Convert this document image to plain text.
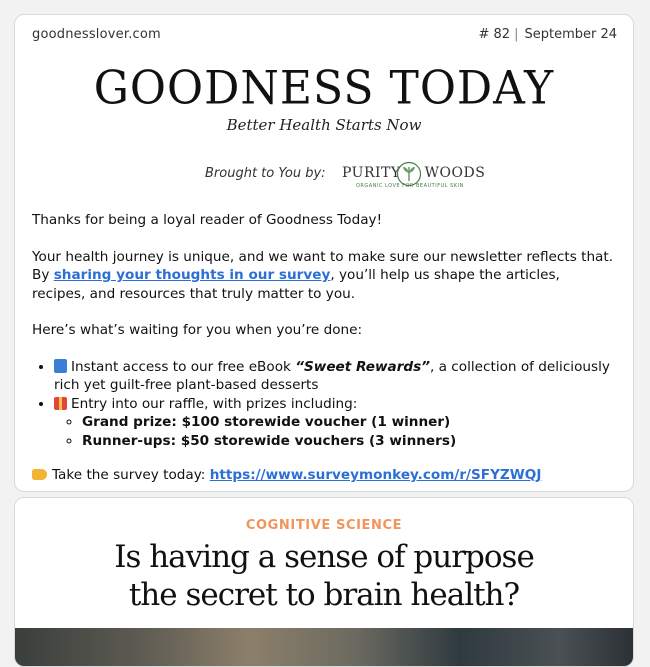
goodnesslover.com	# 82 | September 24
GOODNESS TODAY
Better Health Starts Now
Brought to You by: PURITY WOODS
ORGANIC LOVE FOR BEAUTIFUL SKIN

Thanks for being a loyal reader of Goodness Today!

Your health journey is unique, and we want to make sure our newsletter reflects that. By sharing your thoughts in our survey, you’ll help us shape the articles, recipes, and resources that truly matter to you.

Here’s what’s waiting for you when you’re done:

• Instant access to our free eBook “Sweet Rewards”, a collection of deliciously rich yet guilt-free plant-based desserts
• Entry into our raffle, with prizes including:
◦ Grand prize: $100 storewide voucher (1 winner)
◦ Runner-ups: $50 storewide vouchers (3 winners)

Take the survey today: https://www.surveymonkey.com/r/SFYZWQJ

COGNITIVE SCIENCE
Is having a sense of purpose
the secret to brain health?
